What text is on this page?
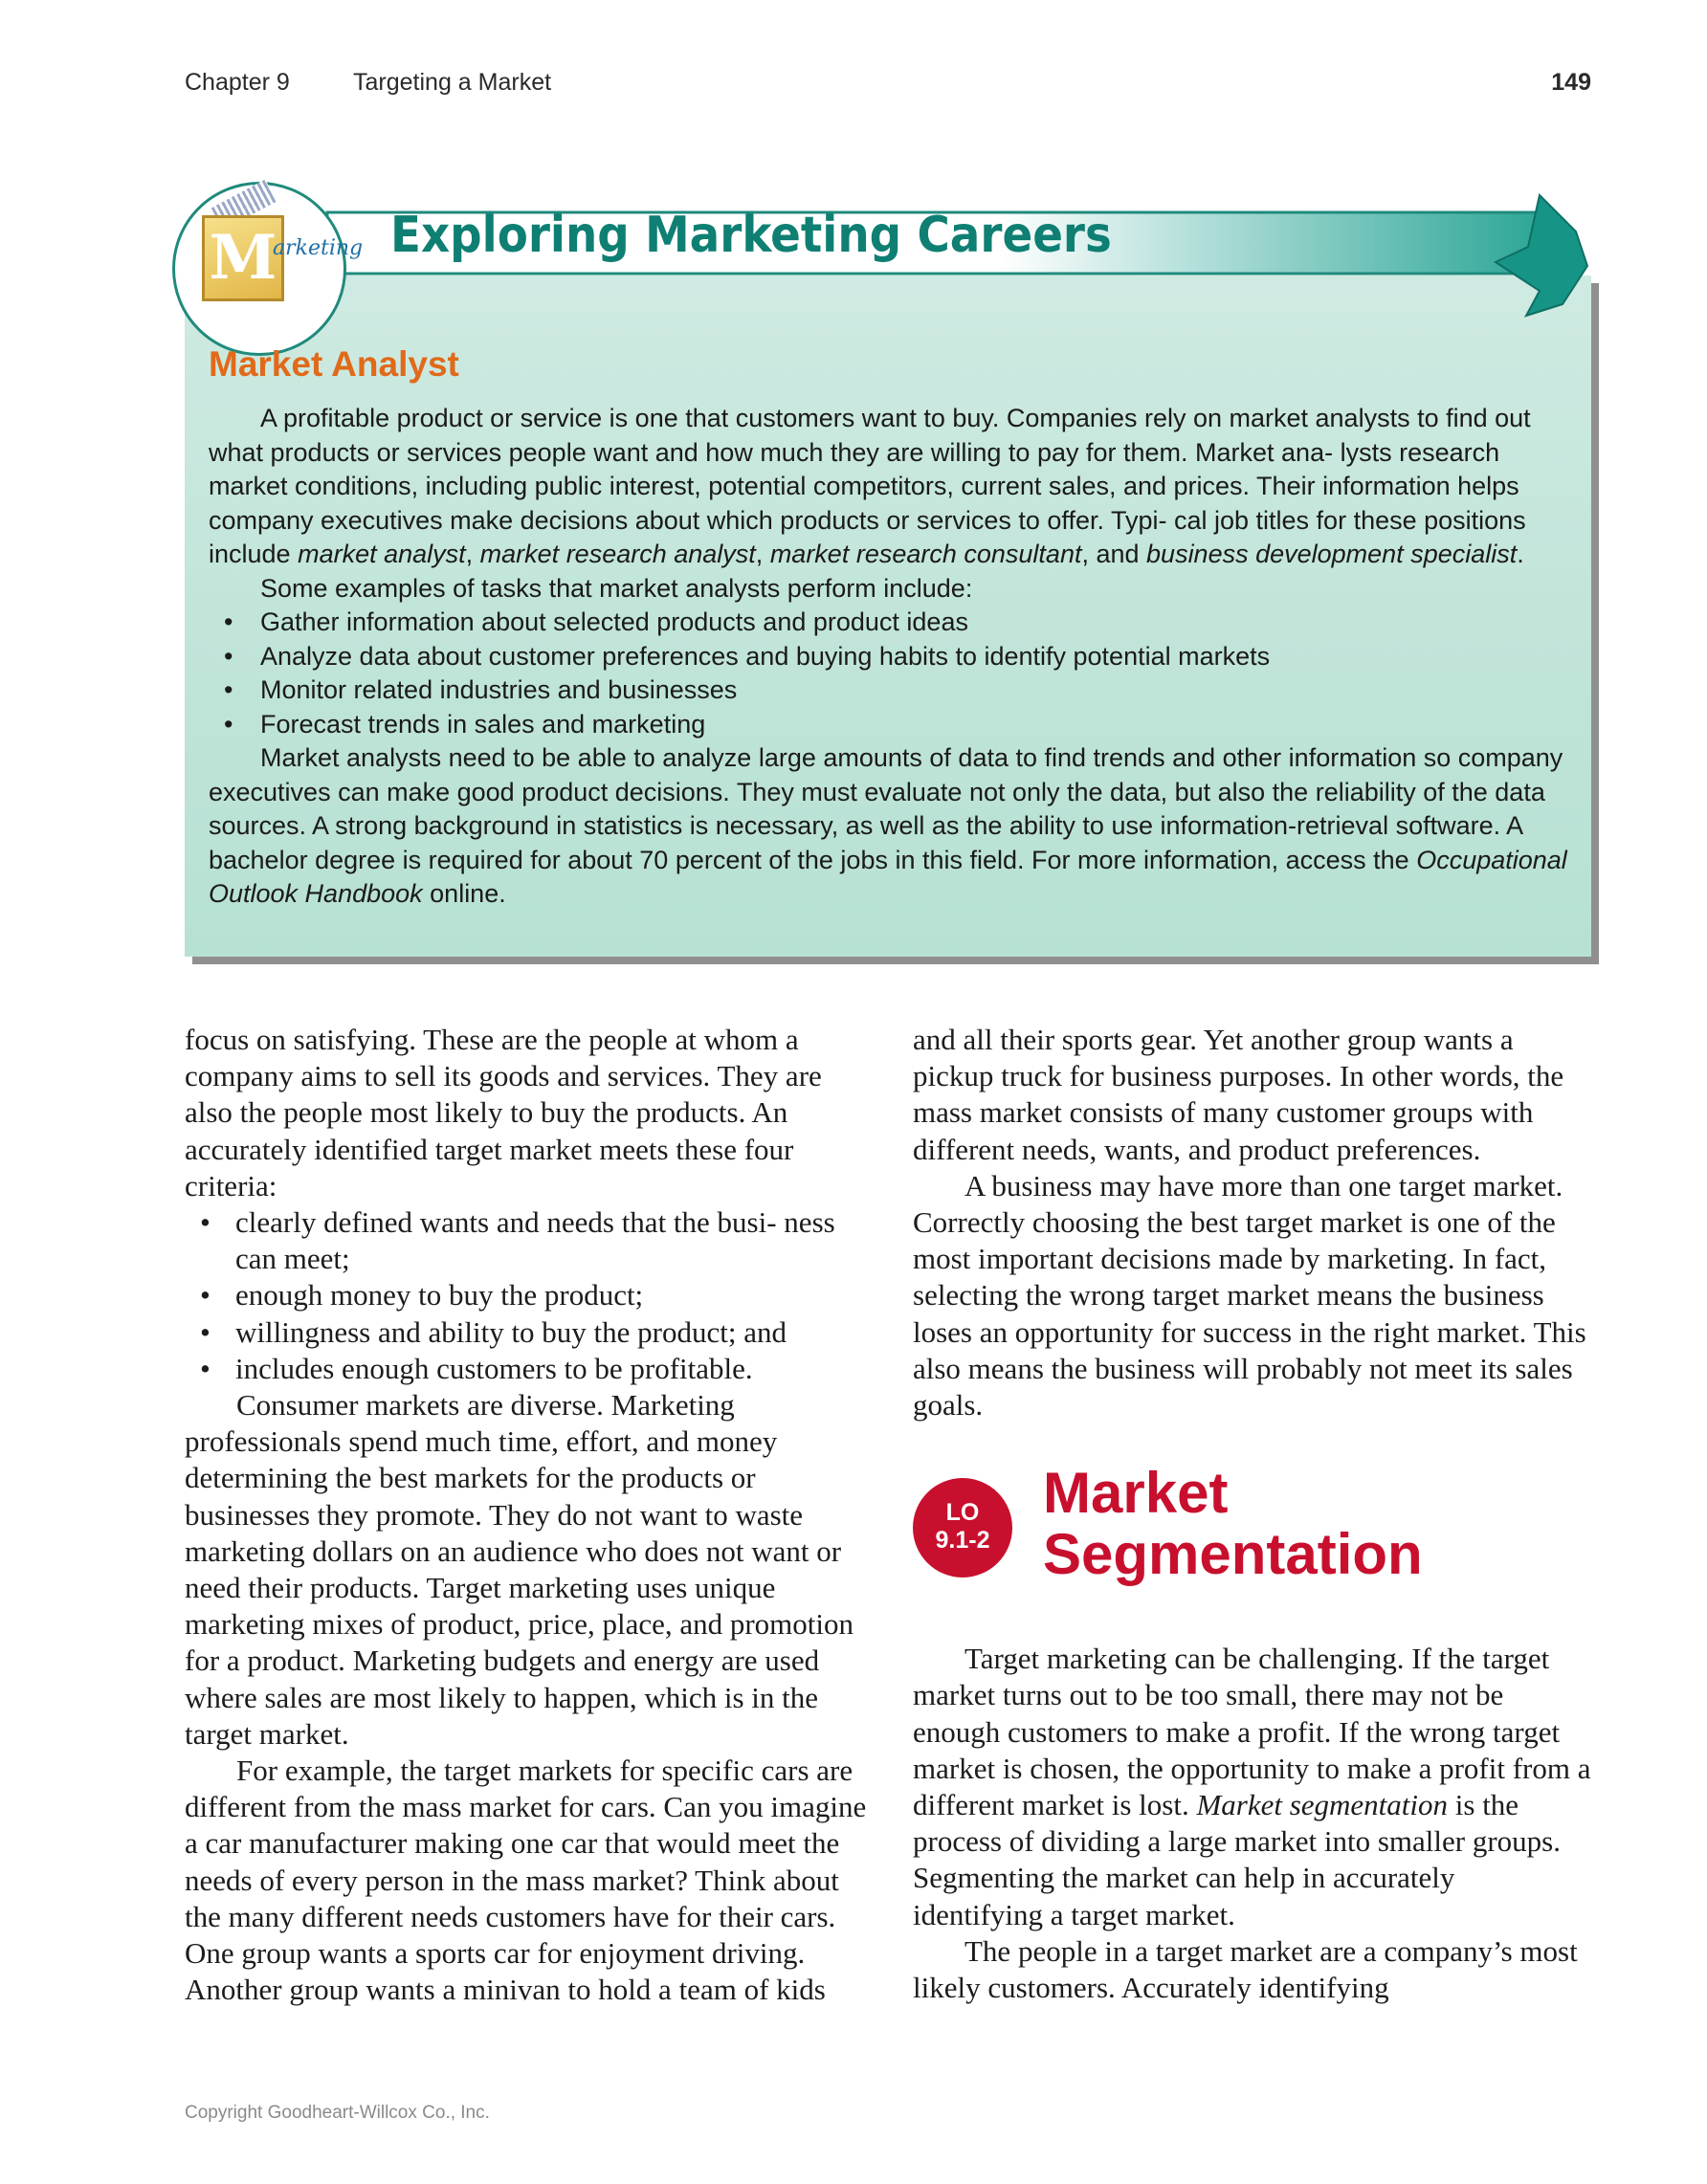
Chapter 9	Targeting a Market	149
M
arketing Exploring Marketing Careers
Market Analyst

A profitable product or service is one that customers want to buy. Companies rely on market analysts to find out what products or services people want and how much they are willing to pay for them. Market ana- lysts research market conditions, including public interest, potential competitors, current sales, and prices. Their information helps company executives make decisions about which products or services to offer. Typi- cal job titles for these positions include market analyst, market research analyst, market research consultant, and business development specialist.

Some examples of tasks that market analysts perform include:

• Gather information about selected products and product ideas
• Analyze data about customer preferences and buying habits to identify potential markets
• Monitor related industries and businesses
• Forecast trends in sales and marketing

Market analysts need to be able to analyze large amounts of data to find trends and other information so company executives can make good product decisions. They must evaluate not only the data, but also the reliability of the data sources. A strong background in statistics is necessary, as well as the ability to use information-retrieval software. A bachelor degree is required for about 70 percent of the jobs in this field. For more information, access the Occupational Outlook Handbook online.

focus on satisfying. These are the people at whom a company aims to sell its goods and services. They are also the people most likely to buy the products. An accurately identified target market meets these four criteria:

• clearly defined wants and needs that the busi- ness can meet;
• enough money to buy the product;
• willingness and ability to buy the product; and
• includes enough customers to be profitable.

Consumer markets are diverse. Marketing professionals spend much time, effort, and money determining the best markets for the products or businesses they promote. They do not want to waste marketing dollars on an audience who does not want or need their products. Target marketing uses unique marketing mixes of product, price, place, and promotion for a product. Marketing budgets and energy are used where sales are most likely to happen, which is in the target market.

For example, the target markets for specific cars are different from the mass market for cars. Can you imagine a car manufacturer making one car that would meet the needs of every person in the mass market? Think about the many different needs customers have for their cars. One group wants a sports car for enjoyment driving. Another group wants a minivan to hold a team of kids

and all their sports gear. Yet another group wants a pickup truck for business purposes. In other words, the mass market consists of many customer groups with different needs, wants, and product preferences.

A business may have more than one target market. Correctly choosing the best target market is one of the most important decisions made by marketing. In fact, selecting the wrong target market means the business loses an opportunity for success in the right market. This also means the business will probably not meet its sales goals.

LO
9.1-2
Market
Segmentation

Target marketing can be challenging. If the target market turns out to be too small, there may not be enough customers to make a profit. If the wrong target market is chosen, the opportunity to make a profit from a different market is lost. Market segmentation is the process of dividing a large market into smaller groups. Segmenting the market can help in accurately identifying a target market.

The people in a target market are a company’s most likely customers. Accurately identifying

Copyright Goodheart-Willcox Co., Inc.
